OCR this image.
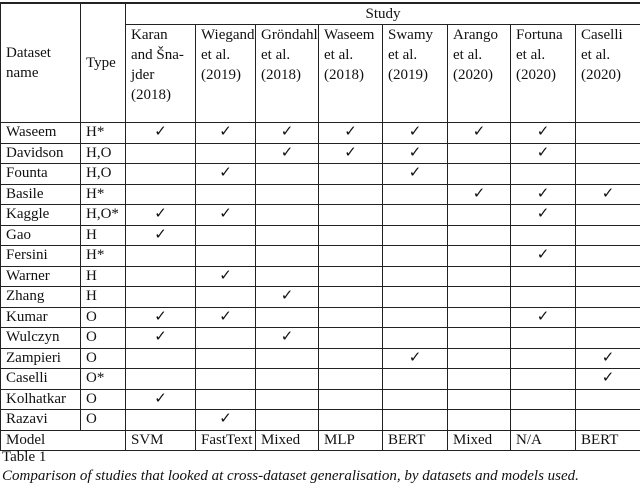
Dataset name	Type	Study							
		Karan and Šna-jder (2018)	Wiegand et al. (2019)	Gröndahl et al. (2018)	Waseem et al. (2018)	Swamy et al. (2019)	Arango et al. (2020)	Fortuna et al. (2020)	Caselli et al. (2020)
Waseem	H*	✓	✓	✓	✓	✓	✓	✓	
Davidson	H,O			✓	✓	✓		✓	
Founta	H,O		✓			✓			
Basile	H*						✓	✓	✓
Kaggle	H,O*	✓	✓					✓	
Gao	H	✓							
Fersini	H*							✓	
Warner	H		✓						
Zhang	H			✓					
Kumar	O	✓	✓					✓	
Wulczyn	O	✓		✓					
Zampieri	O					✓			✓
Caselli	O*								✓
Kolhatkar	O	✓							
Razavi	O		✓						
Model		SVM	FastText	Mixed	MLP	BERT	Mixed	N/A	BERT
Table 1
Comparison of studies that looked at cross-dataset generalisation, by datasets and models used.
